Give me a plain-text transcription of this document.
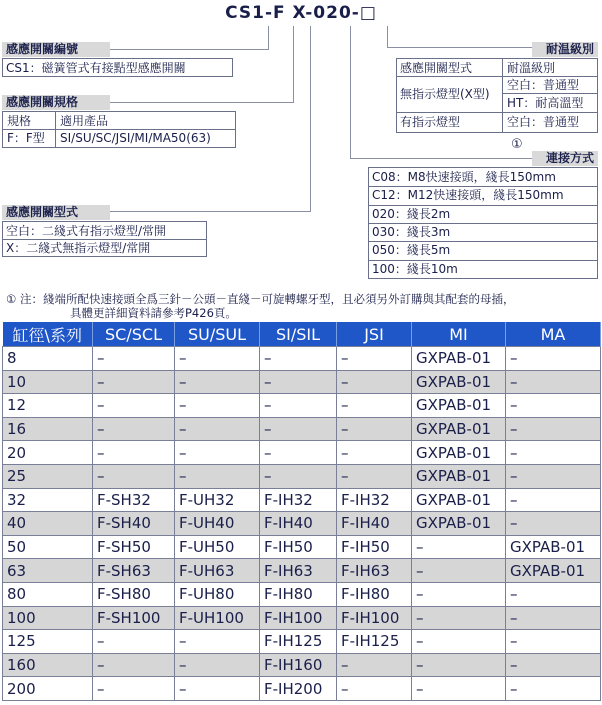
CS1-F X-020-□
感應開關編號
CS1：磁簧管式有接點型感應開關
感應開關規格
規格 適用產品
F：F型 SI/SU/SC/JSI/MI/MA50(63)
感應開關型式
空白：二綫式有指示燈型/常開
X：二綫式無指示燈型/常開
耐温級別
感應開關型式	耐溫級別
無指示燈型(X型)
空白：普通型
HT：耐高溫型
有指示燈型	空白：普通型
①
連接方式
C08：M8快速接頭，綫長150mm
C12：M12快速接頭，綫長150mm
020：綫長2m
030：綫長3m
050：綫長5m
100：綫長10m
① 注：綫端所配快速接頭全爲三針－公頭－直綫－可旋轉螺牙型，且必須另外訂購與其配套的母插，
具體更詳細資料請參考P426頁。
缸徑\系列	SC/SCL	SU/SUL	SI/SIL	JSI	MI	MA
8	–	–	–	–	GXPAB-01	–
10	–	–	–	–	GXPAB-01	–
12	–	–	–	–	GXPAB-01	–
16	–	–	–	–	GXPAB-01	–
20	–	–	–	–	GXPAB-01	–
25	–	–	–	–	GXPAB-01	–
32	F-SH32	F-UH32	F-IH32	F-IH32	GXPAB-01	–
40	F-SH40	F-UH40	F-IH40	F-IH40	GXPAB-01	–
50	F-SH50	F-UH50	F-IH50	F-IH50	–	GXPAB-01
63	F-SH63	F-UH63	F-IH63	F-IH63	–	GXPAB-01
80	F-SH80	F-UH80	F-IH80	F-IH80	–	–
100	F-SH100	F-UH100	F-IH100	F-IH100	–	–
125	–	–	F-IH125	F-IH125	–	–
160	–	–	F-IH160	–	–	–
200	–	–	F-IH200	–	–	–
